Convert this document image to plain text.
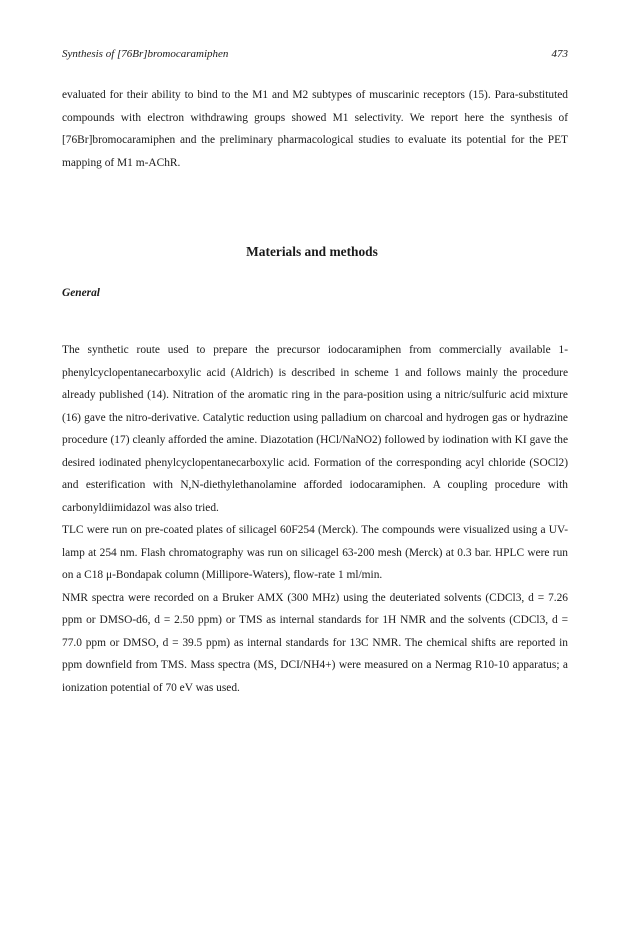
Synthesis of [76Br]bromocaramiphen	473

evaluated for their ability to bind to the M1 and M2 subtypes of muscarinic receptors (15). Para-substituted compounds with electron withdrawing groups showed M1 selectivity. We report here the synthesis of [76Br]bromocaramiphen and the preliminary pharmacological studies to evaluate its potential for the PET mapping of M1 m-AChR.

Materials and methods
General

The synthetic route used to prepare the precursor iodocaramiphen from commercially available 1-phenylcyclopentanecarboxylic acid (Aldrich) is described in scheme 1 and follows mainly the procedure already published (14). Nitration of the aromatic ring in the para-position using a nitric/sulfuric acid mixture (16) gave the nitro-derivative. Catalytic reduction using palladium on charcoal and hydrogen gas or hydrazine procedure (17) cleanly afforded the amine. Diazotation (HCl/NaNO2) followed by iodination with KI gave the desired iodinated phenylcyclopentanecarboxylic acid. Formation of the corresponding acyl chloride (SOCl2) and esterification with N,N-diethylethanolamine afforded iodocaramiphen. A coupling procedure with carbonyldiimidazol was also tried.

TLC were run on pre-coated plates of silicagel 60F254 (Merck). The compounds were visualized using a UV-lamp at 254 nm. Flash chromatography was run on silicagel 63-200 mesh (Merck) at 0.3 bar. HPLC were run on a C18 μ-Bondapak column (Millipore-Waters), flow-rate 1 ml/min.

NMR spectra were recorded on a Bruker AMX (300 MHz) using the deuteriated solvents (CDCl3, d = 7.26 ppm or DMSO-d6, d = 2.50 ppm) or TMS as internal standards for 1H NMR and the solvents (CDCl3, d = 77.0 ppm or DMSO, d = 39.5 ppm) as internal standards for 13C NMR. The chemical shifts are reported in ppm downfield from TMS. Mass spectra (MS, DCI/NH4+) were measured on a Nermag R10-10 apparatus; a ionization potential of 70 eV was used.
